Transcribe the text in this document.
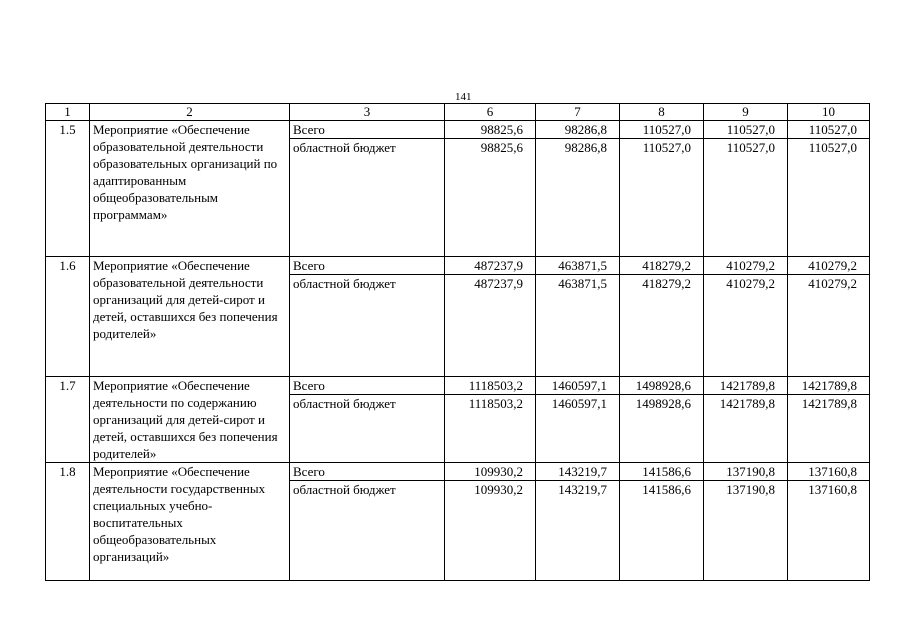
141
1	2	3	6	7	8	9	10
1.5	Мероприятие «Обеспечение образовательной деятельности образовательных организаций по адаптированным общеобразовательным программам»	Всего	98825,6	98286,8	110527,0	110527,0	110527,0
		областной бюджет	98825,6	98286,8	110527,0	110527,0	110527,0
1.6	Мероприятие «Обеспечение образовательной деятельности организаций для детей-сирот и детей, оставшихся без попечения родителей»	Всего	487237,9	463871,5	418279,2	410279,2	410279,2
		областной бюджет	487237,9	463871,5	418279,2	410279,2	410279,2
1.7	Мероприятие «Обеспечение деятельности по содержанию организаций для детей-сирот и детей, оставшихся без попечения родителей»	Всего	1118503,2	1460597,1	1498928,6	1421789,8	1421789,8
		областной бюджет	1118503,2	1460597,1	1498928,6	1421789,8	1421789,8
1.8	Мероприятие «Обеспечение деятельности государственных специальных учебно-воспитательных общеобразовательных организаций»	Всего	109930,2	143219,7	141586,6	137190,8	137160,8
		областной бюджет	109930,2	143219,7	141586,6	137190,8	137160,8
